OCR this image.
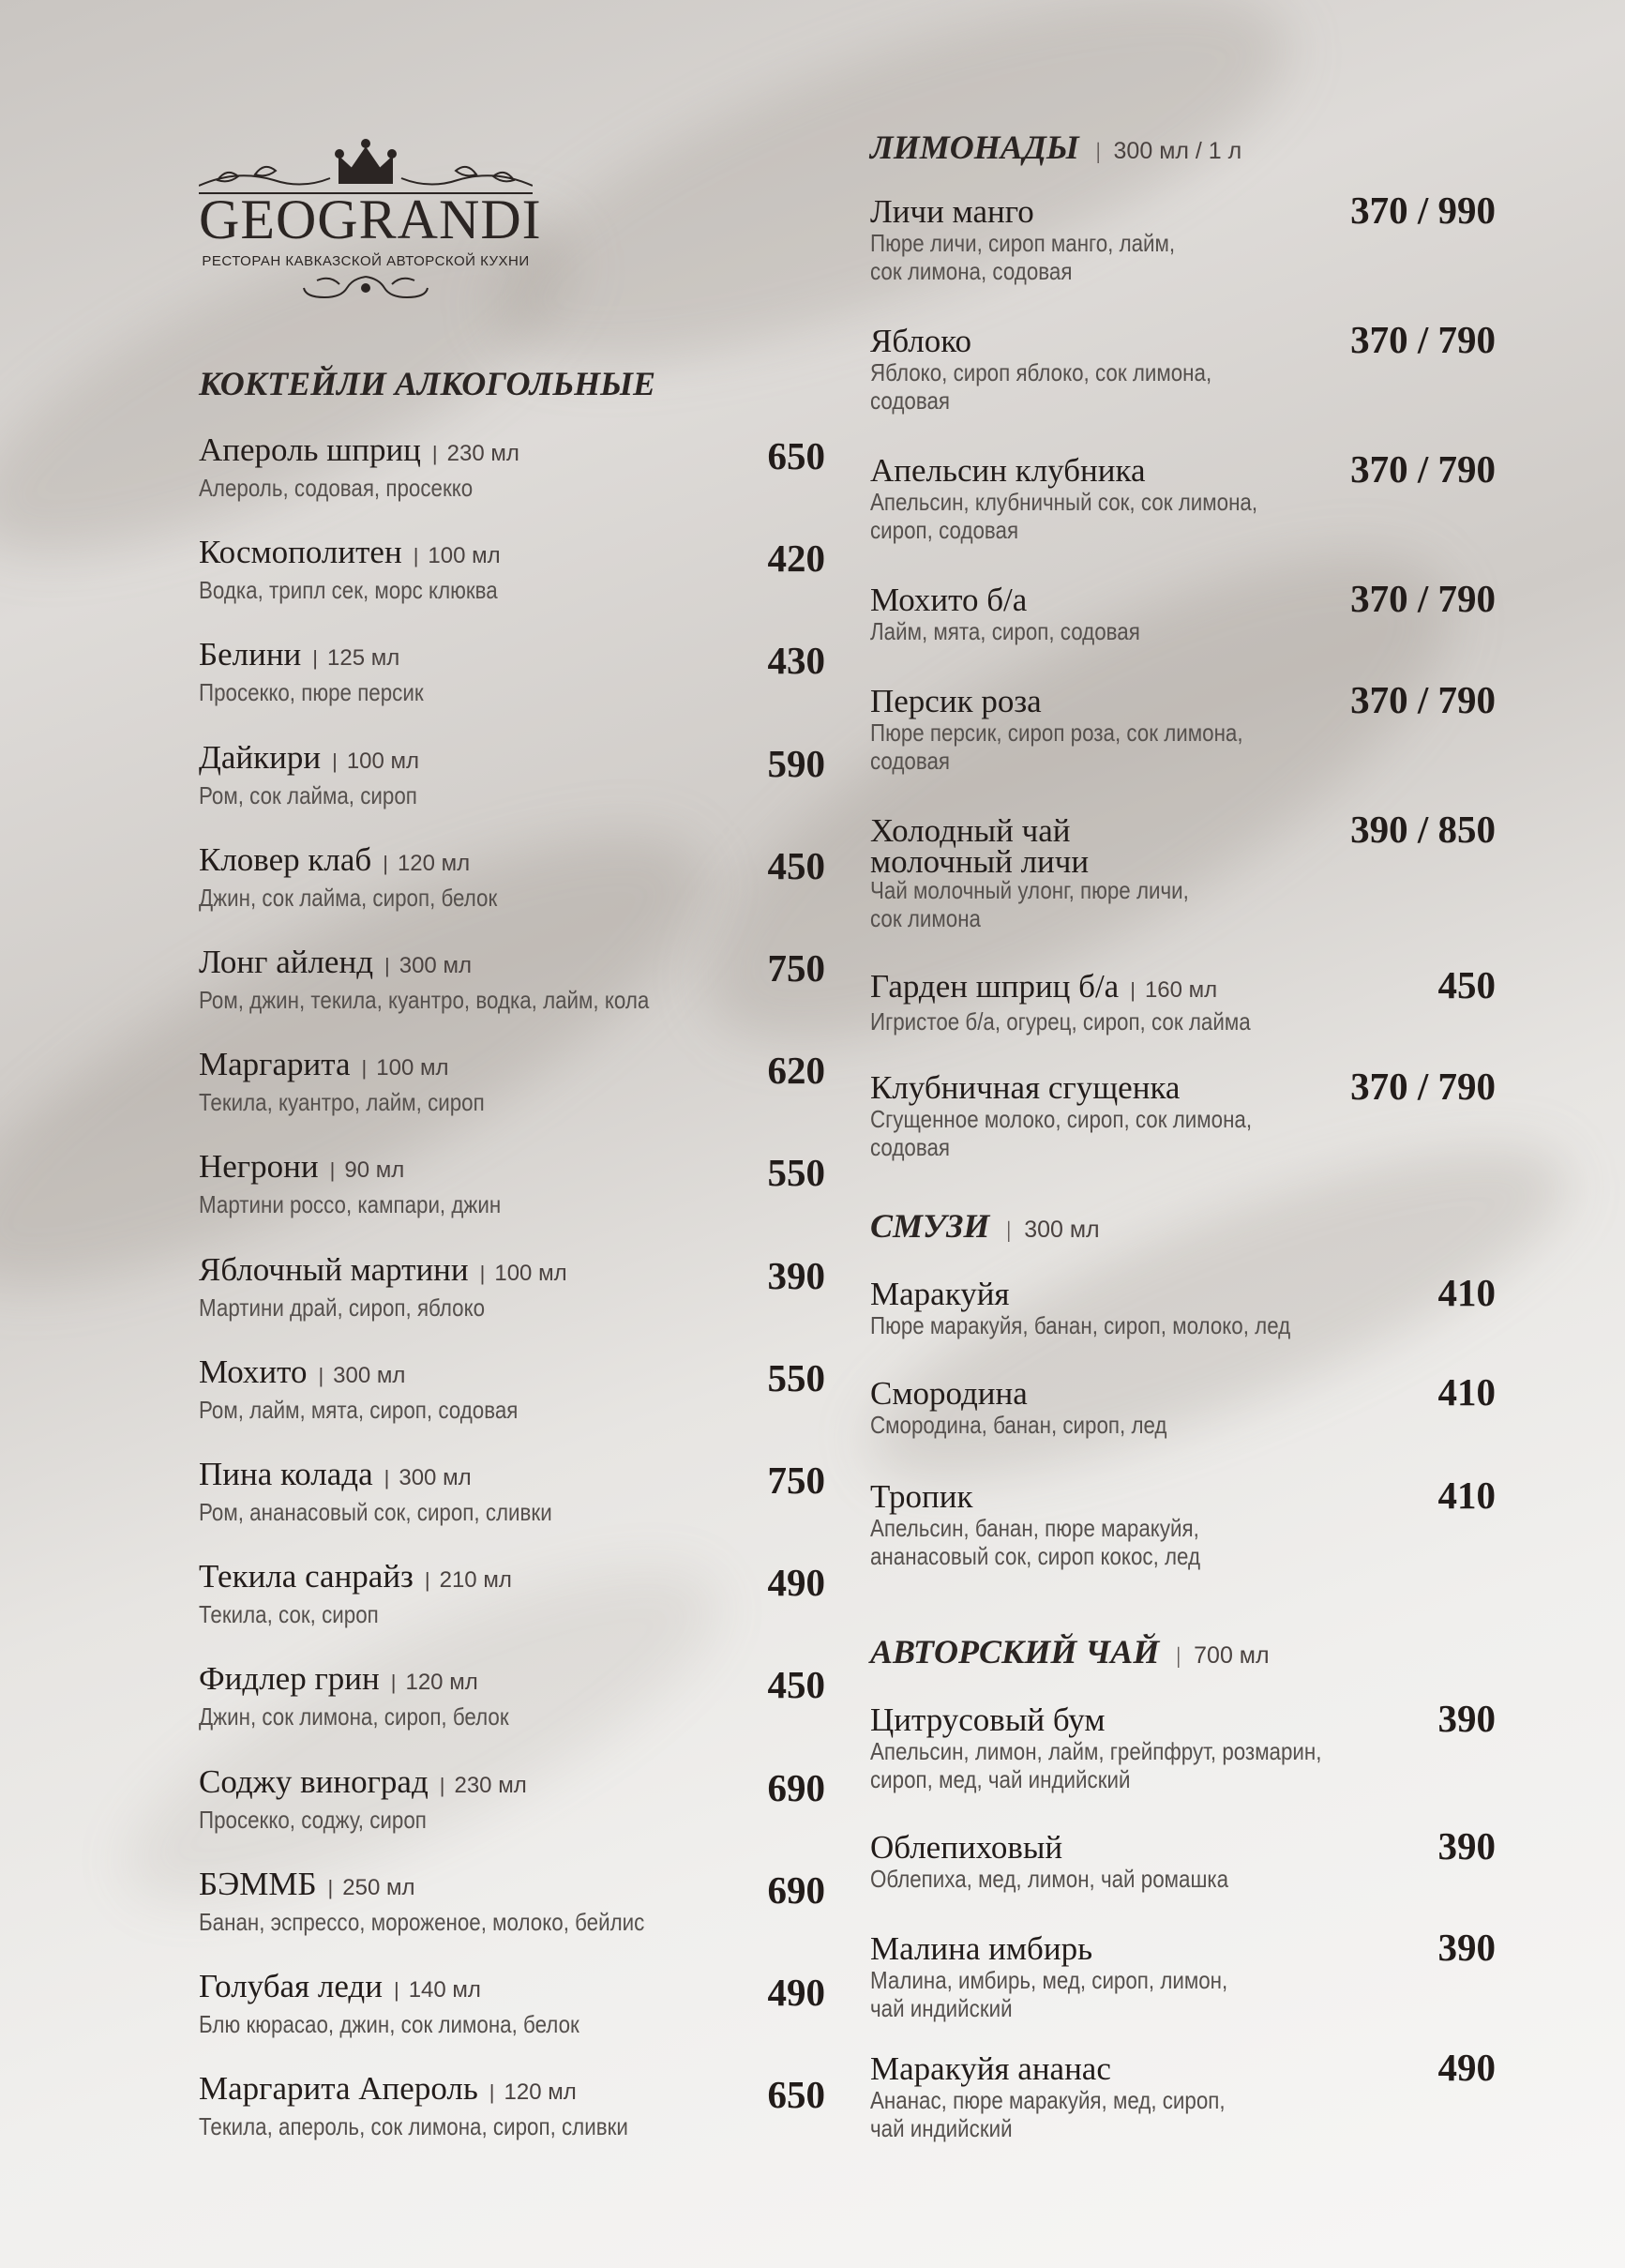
GEOGRANDI
РЕСТОРАН КАВКАЗСКОЙ АВТОРСКОЙ КУХНИ
КОКТЕЙЛИ АЛКОГОЛЬНЫЕ
Апероль шприц | 230 мл
Алероль, содовая, просекко
650
Космополитен | 100 мл
Водка, трипл сек, морс клюква
420
Белини | 125 мл
Просекко, пюре персик
430
Дайкири | 100 мл
Ром, сок лайма, сироп
590
Кловер клаб | 120 мл
Джин, сок лайма, сироп, белок
450
Лонг айленд | 300 мл
Ром, джин, текила, куантро, водка, лайм, кола
750
Маргарита | 100 мл
Текила, куантро, лайм, сироп
620
Негрони | 90 мл
Мартини россо, кампари, джин
550
Яблочный мартини | 100 мл
Мартини драй, сироп, яблоко
390
Мохито | 300 мл
Ром, лайм, мята, сироп, содовая
550
Пина колада | 300 мл
Ром, ананасовый сок, сироп, сливки
750
Текила санрайз | 210 мл
Текила, сок, сироп
490
Фидлер грин | 120 мл
Джин, сок лимона, сироп, белок
450
Соджу виноград | 230 мл
Просекко, соджу, сироп
690
БЭММБ | 250 мл
Банан, эспрессо, мороженое, молоко, бейлис
690
Голубая леди | 140 мл
Блю кюрасао, джин, сок лимона, белок
490
Маргарита Апероль | 120 мл
Текила, апероль, сок лимона, сироп, сливки
650
ЛИМОНАДЫ | 300 мл / 1 л
Личи манго
Пюре личи, сироп манго, лайм,
сок лимона, содовая
370 / 990
Яблоко
Яблоко, сироп яблоко, сок лимона,
содовая
370 / 790
Апельсин клубника
Апельсин, клубничный сок, сок лимона,
сироп, содовая
370 / 790
Мохито б/а
Лайм, мята, сироп, содовая
370 / 790
Персик роза
Пюре персик, сироп роза, сок лимона,
содовая
370 / 790
Холодный чай
молочный личи
Чай молочный улонг, пюре личи,
сок лимона
390 / 850
Гарден шприц б/а | 160 мл
Игристое б/а, огурец, сироп, сок лайма
450
Клубничная сгущенка
Сгущенное молоко, сироп, сок лимона,
содовая
370 / 790
СМУЗИ | 300 мл
Маракуйя
Пюре маракуйя, банан, сироп, молоко, лед
410
Смородина
Смородина, банан, сироп, лед
410
Тропик
Апельсин, банан, пюре маракуйя,
ананасовый сок, сироп кокос, лед
410
АВТОРСКИЙ ЧАЙ | 700 мл
Цитрусовый бум
Апельсин, лимон, лайм, грейпфрут, розмарин,
сироп, мед, чай индийский
390
Облепиховый
Облепиха, мед, лимон, чай ромашка
390
Малина имбирь
Малина, имбирь, мед, сироп, лимон,
чай индийский
390
Маракуйя ананас
Ананас, пюре маракуйя, мед, сироп,
чай индийский
490
